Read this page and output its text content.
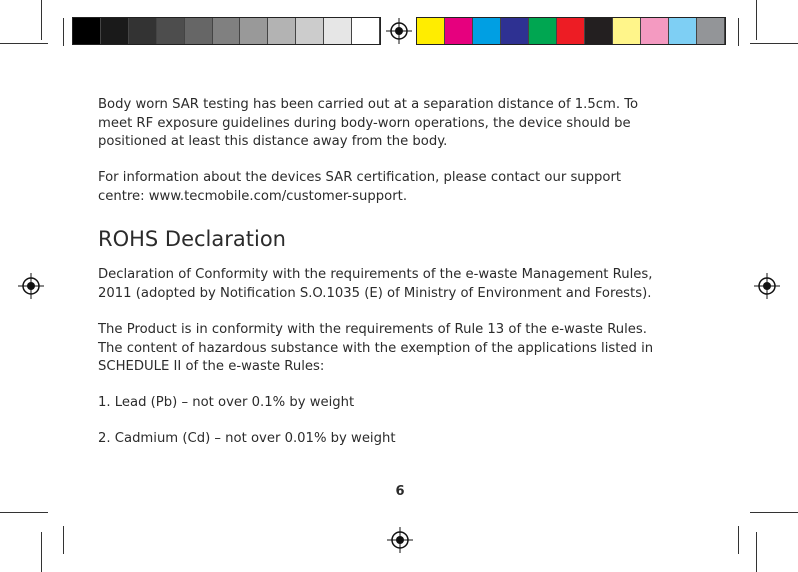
Body worn SAR testing has been carried out at a separation distance of 1.5cm. To
meet RF exposure guidelines during body-worn operations, the device should be
positioned at least this distance away from the body.

For information about the devices SAR certification, please contact our support
centre: www.tecmobile.com/customer-support.

ROHS Declaration

Declaration of Conformity with the requirements of the e-waste Management Rules,
2011 (adopted by Notification S.O.1035 (E) of Ministry of Environment and Forests).

The Product is in conformity with the requirements of Rule 13 of the e-waste Rules.
The content of hazardous substance with the exemption of the applications listed in
SCHEDULE II of the e-waste Rules:

1. Lead (Pb) – not over 0.1% by weight

2. Cadmium (Cd) – not over 0.01% by weight

6
